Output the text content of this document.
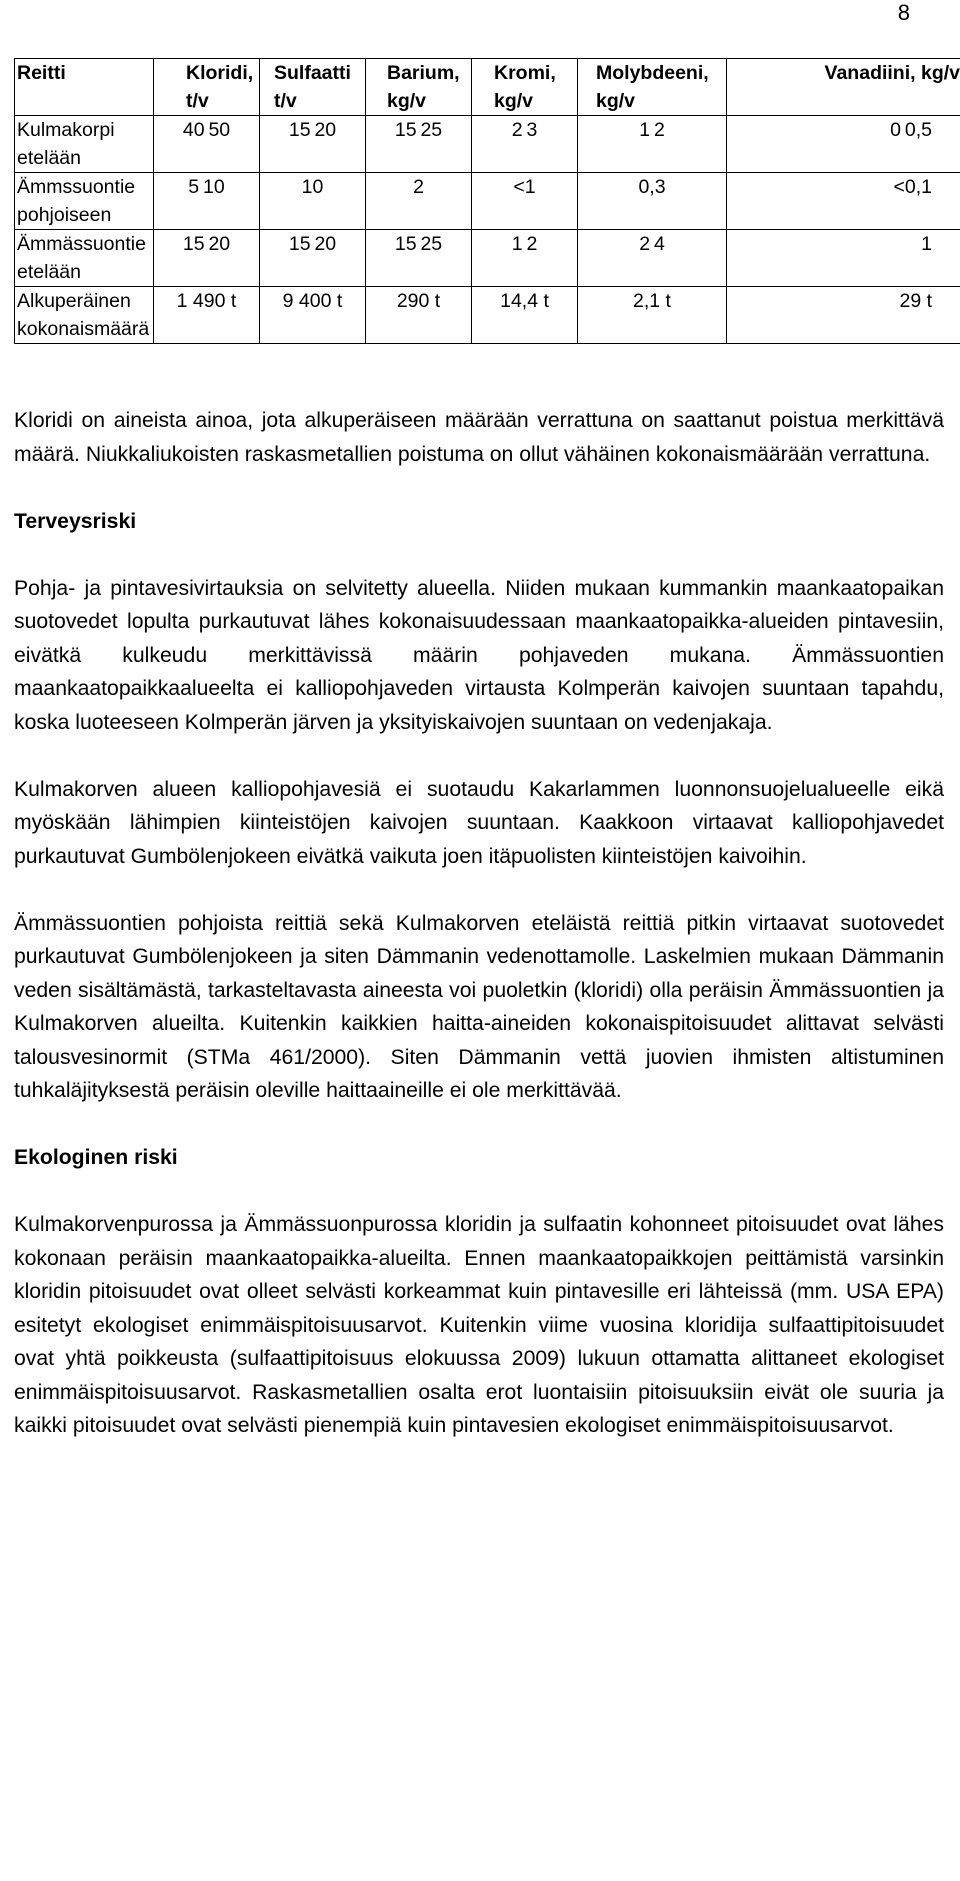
8
Reitti	Kloridi, t/v	Sulfaatti t/v	Barium, kg/v	Kromi, kg/v	Molybdeeni, kg/v	Vanadiini, kg/v
Kulmakorpi etelään	40 50	15 20	15 25	2 3	1 2	0 0,5
Ämmssuontie pohjoiseen	5 10	10	2	<1	0,3	<0,1
Ämmässuontie etelään	15 20	15 20	15 25	1 2	2 4	1
Alkuperäinen kokonaismäärä	1 490 t	9 400 t	290 t	14,4 t	2,1 t	29 t

Kloridi on aineista ainoa, jota alkuperäiseen määrään verrattuna on saattanut poistua merkittävä määrä. Niukkaliukoisten raskasmetallien poistuma on ollut vähäinen kokonaismäärään verrattuna.

Terveysriski

Pohja- ja pintavesivirtauksia on selvitetty alueella. Niiden mukaan kummankin maankaatopaikan suotovedet lopulta purkautuvat lähes kokonaisuudessaan maankaatopaikka-alueiden pintavesiin, eivätkä kulkeudu merkittävissä määrin pohjaveden mukana. Ämmässuontien maankaatopaikkaalueelta ei kalliopohjaveden virtausta Kolmperän kaivojen suuntaan tapahdu, koska luoteeseen Kolmperän järven ja yksityiskaivojen suuntaan on vedenjakaja.

Kulmakorven alueen kalliopohjavesiä ei suotaudu Kakarlammen luonnonsuojelualueelle eikä myöskään lähimpien kiinteistöjen kaivojen suuntaan. Kaakkoon virtaavat kalliopohjavedet purkautuvat Gumbölenjokeen eivätkä vaikuta joen itäpuolisten kiinteistöjen kaivoihin.

Ämmässuontien pohjoista reittiä sekä Kulmakorven eteläistä reittiä pitkin virtaavat suotovedet purkautuvat Gumbölenjokeen ja siten Dämmanin vedenottamolle. Laskelmien mukaan Dämmanin veden sisältämästä, tarkasteltavasta aineesta voi puoletkin (kloridi) olla peräisin Ämmässuontien ja Kulmakorven alueilta. Kuitenkin kaikkien haitta-aineiden kokonaispitoisuudet alittavat selvästi talousvesinormit (STMa 461/2000). Siten Dämmanin vettä juovien ihmisten altistuminen tuhkaläjityksestä peräisin oleville haittaaineille ei ole merkittävää.

Ekologinen riski

Kulmakorvenpurossa ja Ämmässuonpurossa kloridin ja sulfaatin kohonneet pitoisuudet ovat lähes kokonaan peräisin maankaatopaikka-alueilta. Ennen maankaatopaikkojen peittämistä varsinkin kloridin pitoisuudet ovat olleet selvästi korkeammat kuin pintavesille eri lähteissä (mm. USA EPA) esitetyt ekologiset enimmäispitoisuusarvot. Kuitenkin viime vuosina kloridija sulfaattipitoisuudet ovat yhtä poikkeusta (sulfaattipitoisuus elokuussa 2009) lukuun ottamatta alittaneet ekologiset enimmäispitoisuusarvot. Raskasmetallien osalta erot luontaisiin pitoisuuksiin eivät ole suuria ja kaikki pitoisuudet ovat selvästi pienempiä kuin pintavesien ekologiset enimmäispitoisuusarvot.
